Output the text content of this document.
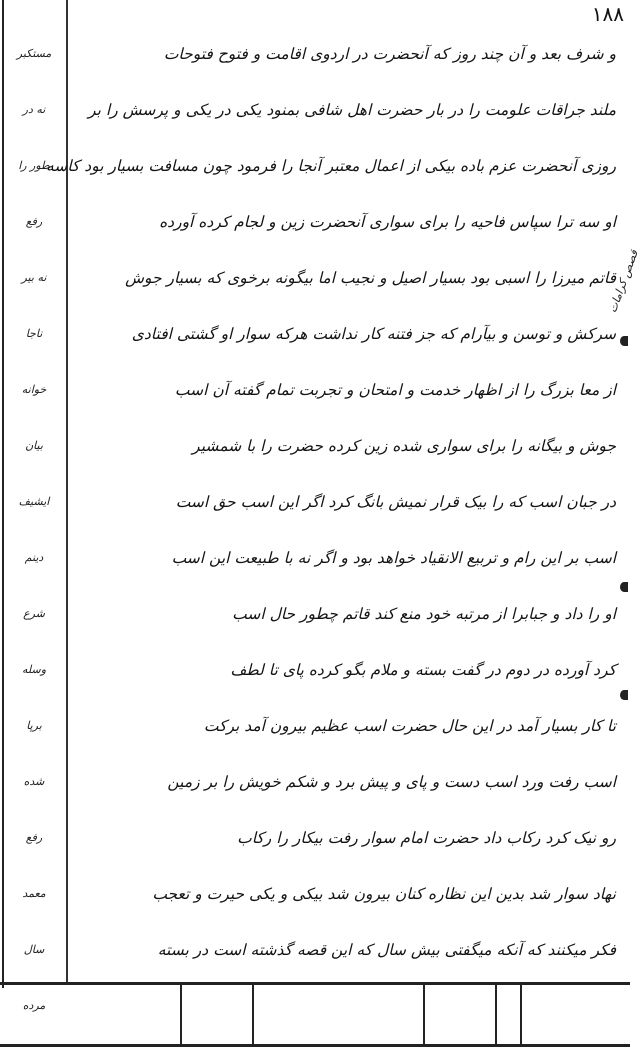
۱۸۸
مستکبر
نه در
طور را
رفع
نه بیر
ناجا
خوانه
بیان
ایشیف
دینم
شرع
وسله
برپا
شده
رفع
معمد
سال
مرده
و شرف بعد و آن چند روز که آنحضرت در اردوی اقامت و فتوح فتوحات
ملند جراقات علومت را در بار حضرت اهل شافی بمنود یکی در یکی و پرسش را بر
روزی آنحضرت عزم باده بیکی از اعمال معتبر آنجا را فرمود چون مسافت بسیار بود کاسه
او سه ترا سپاس فاحیه را برای سواری آنحضرت زین و لجام کرده آورده
قاتم میرزا را اسبی بود بسیار اصیل و نجیب اما بیگونه برخوی که بسیار جوش
سرکش و توسن و بیآرام که جز فتنه کار نداشت هرکه سوار او گشتی افتادی
از معا بزرگ را از اظهار خدمت و امتحان و تجربت تمام گفته آن اسب
جوش و بیگانه را برای سواری شده زین کرده حضرت را با شمشیر
در جبان اسب که را بیک قرار نمیش بانگ کرد اگر این اسب حق است
اسب بر این رام و تربیع الانقیاد خواهد بود و اگر نه با طبیعت این اسب
او را داد و جبابرا از مرتبه خود منع کند قاتم چطور حال اسب
کرد آورده در دوم در گفت بسته و ملام بگو کرده پای تا لطف
تا کار بسیار آمد در این حال حضرت اسب عظیم بیرون آمد برکت
اسب رفت ورد اسب دست و پای و پیش برد و شکم خویش را بر زمین
رو نیک کرد رکاب داد حضرت امام سوار رفت بیکار را رکاب
نهاد سوار شد بدین این نظاره کنان بیرون شد بیکی و یکی حیرت و تعجب
فکر میکنند که آنکه میگفتی بیش سال که این قصه گذشته است در بسته
قصص کرامات
